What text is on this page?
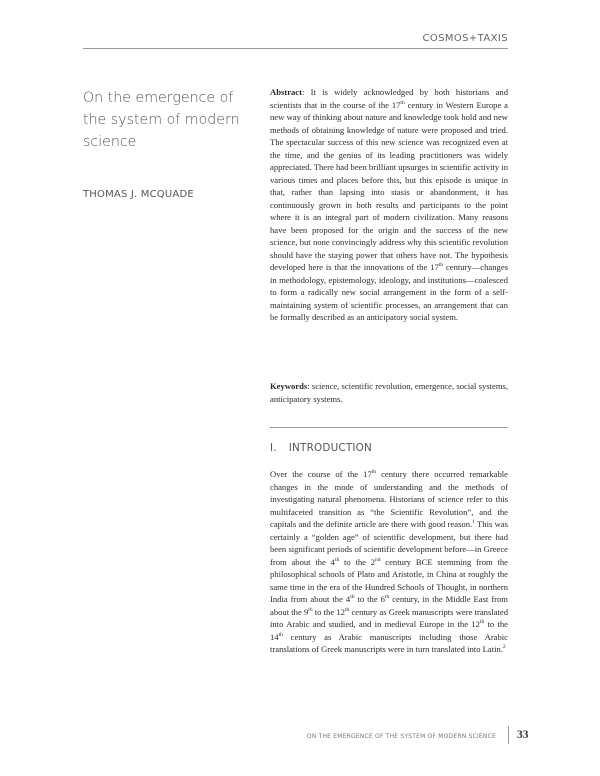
COSMOS+TAXIS
On the emergence of the system of modern science
THOMAS J. MCQUADE

Abstract: It is widely acknowledged by both historians and scientists that in the course of the 17th century in Western Europe a new way of thinking about nature and knowledge took hold and new methods of obtaining knowledge of nature were proposed and tried. The spectacular success of this new science was recognized even at the time, and the genius of its leading practitioners was widely appreciated. There had been brilliant upsurges in scientific activity in various times and places before this, but this episode is unique in that, rather than lapsing into stasis or abandonment, it has continuously grown in both results and participants to the point where it is an integral part of modern civilization. Many reasons have been proposed for the origin and the success of the new science, but none convincingly address why this scientific revolution should have the staying power that others have not. The hypothesis developed here is that the innovations of the 17th century—changes in methodology, epistemology, ideology, and institutions—coalesced to form a radically new social arrangement in the form of a self-maintaining system of scientific processes, an arrangement that can be formally described as an anticipatory social system.

Keywords: science, scientific revolution, emergence, social systems, anticipatory systems.

I. INTRODUCTION

Over the course of the 17th century there occurred remarkable changes in the mode of understanding and the methods of investigating natural phenomena. Historians of science refer to this multifaceted transition as “the Scientific Revolution”, and the capitals and the definite article are there with good reason.$^1$ This was certainly a “golden age” of scientific development, but there had been significant periods of scientific development before—in Greece from about the 4th to the 2nd century BCE stemming from the philosophical schools of Plato and Aristotle, in China at roughly the same time in the era of the Hundred Schools of Thought, in northern India from about the 4th to the 6th century, in the Middle East from about the 9th to the 12th century as Greek manuscripts were translated into Arabic and studied, and in medieval Europe in the 12th to the 14th century as Arabic manuscripts including those Arabic translations of Greek manuscripts were in turn translated into Latin.$^2$

ON THE EMERGENCE OF THE SYSTEM OF MODERN SCIENCE 33
